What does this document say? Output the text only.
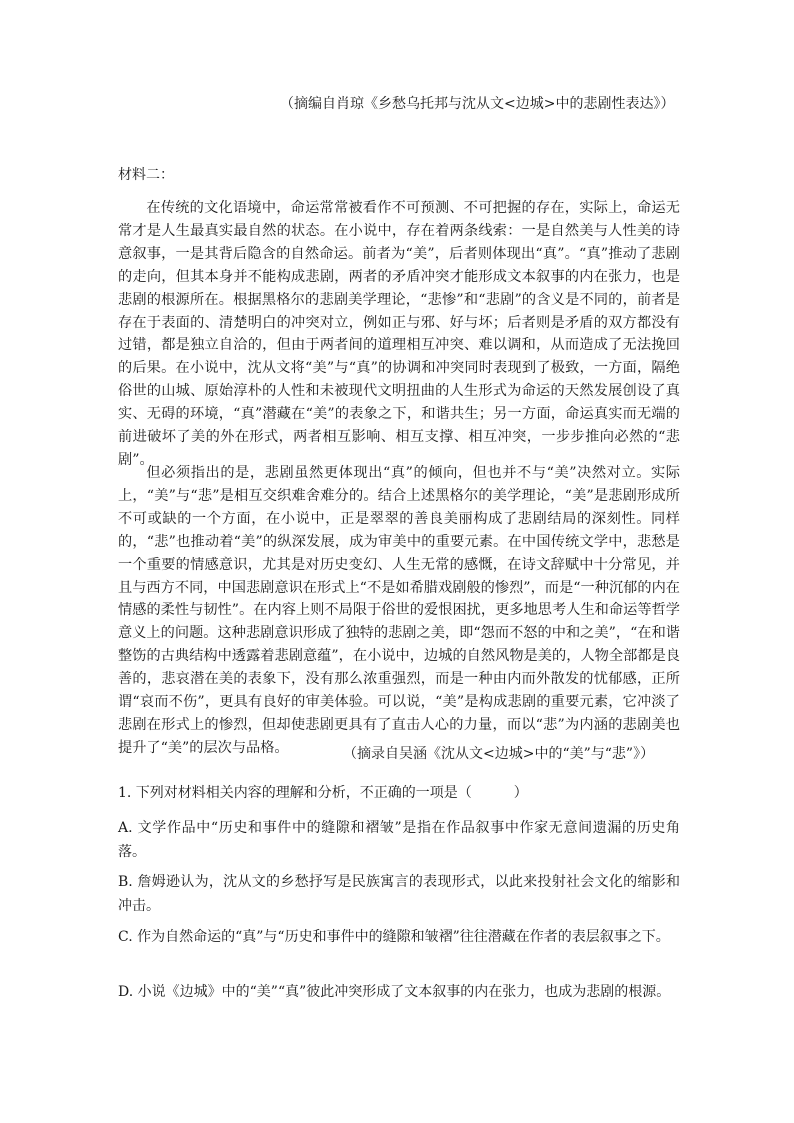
（摘编自肖琼《乡愁乌托邦与沈从文<边城>中的悲剧性表达》）
材料二：

在传统的文化语境中，命运常常被看作不可预测、不可把握的存在，实际上，命运无常才是人生最真实最自然的状态。在小说中，存在着两条线索：一是自然美与人性美的诗意叙事，一是其背后隐含的自然命运。前者为“美”，后者则体现出“真”。“真”推动了悲剧的走向，但其本身并不能构成悲剧，两者的矛盾冲突才能形成文本叙事的内在张力，也是悲剧的根源所在。根据黑格尔的悲剧美学理论，“悲惨”和“悲剧”的含义是不同的，前者是存在于表面的、清楚明白的冲突对立，例如正与邪、好与坏；后者则是矛盾的双方都没有过错，都是独立自洽的，但由于两者间的道理相互冲突、难以调和，从而造成了无法挽回的后果。在小说中，沈从文将“美”与“真”的协调和冲突同时表现到了极致，一方面，隔绝俗世的山城、原始淳朴的人性和未被现代文明扭曲的人生形式为命运的天然发展创设了真实、无碍的环境，“真”潜藏在“美”的表象之下，和谐共生；另一方面，命运真实而无端的前进破坏了美的外在形式，两者相互影响、相互支撑、相互冲突，一步步推向必然的“悲剧”。

但必须指出的是，悲剧虽然更体现出“真”的倾向，但也并不与“美”决然对立。实际上，“美”与“悲”是相互交织难舍难分的。结合上述黑格尔的美学理论，“美”是悲剧形成所不可或缺的一个方面，在小说中，正是翠翠的善良美丽构成了悲剧结局的深刻性。同样的，“悲”也推动着“美”的纵深发展，成为审美中的重要元素。在中国传统文学中，悲愁是一个重要的情感意识，尤其是对历史变幻、人生无常的感慨，在诗文辞赋中十分常见，并且与西方不同，中国悲剧意识在形式上“不是如希腊戏剧般的惨烈”，而是“一种沉郁的内在情感的柔性与韧性”。在内容上则不局限于俗世的爱恨困扰，更多地思考人生和命运等哲学意义上的问题。这种悲剧意识形成了独特的悲剧之美，即“怨而不怒的中和之美”，“在和谐整饬的古典结构中透露着悲剧意蕴”，在小说中，边城的自然风物是美的，人物全部都是良善的，悲哀潜在美的表象下，没有那么浓重强烈，而是一种由内而外散发的忧郁感，正所谓“哀而不伤”，更具有良好的审美体验。可以说，“美”是构成悲剧的重要元素，它冲淡了悲剧在形式上的惨烈，但却使悲剧更具有了直击人心的力量，而以“悲”为内涵的悲剧美也提升了“美”的层次与品格。	（摘录自吴涵《沈从文<边城>中的“美”与“悲”》）
1. 下列对材料相关内容的理解和分析，不正确的一项是（　　　）

A. 文学作品中“历史和事件中的缝隙和褶皱”是指在作品叙事中作家无意间遗漏的历史角落。

B. 詹姆逊认为，沈从文的乡愁抒写是民族寓言的表现形式，以此来投射社会文化的缩影和冲击。

C. 作为自然命运的“真”与“历史和事件中的缝隙和皱褶”往往潜藏在作者的表层叙事之下。

D. 小说《边城》中的“美”“真”彼此冲突形成了文本叙事的内在张力，也成为悲剧的根源。
